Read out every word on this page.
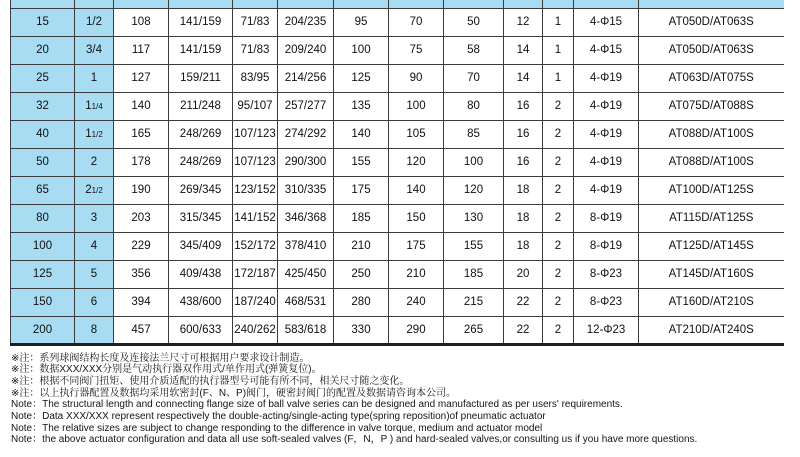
15	1/2	108	141/159	71/83	204/235	95	70	50	12	1	4-Φ15	AT050D/AT063S
20	3/4	117	141/159	71/83	209/240	100	75	58	14	1	4-Φ15	AT050D/AT063S
25	1	127	159/211	83/95	214/256	125	90	70	14	1	4-Φ19	AT063D/AT075S
32	11/4	140	211/248	95/107	257/277	135	100	80	16	2	4-Φ19	AT075D/AT088S
40	11/2	165	248/269	107/123	274/292	140	105	85	16	2	4-Φ19	AT088D/AT100S
50	2	178	248/269	107/123	290/300	155	120	100	16	2	4-Φ19	AT088D/AT100S
65	21/2	190	269/345	123/152	310/335	175	140	120	18	2	4-Φ19	AT100D/AT125S
80	3	203	315/345	141/152	346/368	185	150	130	18	2	8-Φ19	AT115D/AT125S
100	4	229	345/409	152/172	378/410	210	175	155	18	2	8-Φ19	AT125D/AT145S
125	5	356	409/438	172/187	425/450	250	210	185	20	2	8-Φ23	AT145D/AT160S
150	6	394	438/600	187/240	468/531	280	240	215	22	2	8-Φ23	AT160D/AT210S
200	8	457	600/633	240/262	583/618	330	290	265	22	2	12-Φ23	AT210D/AT240S
※注：系列球阀结构长度及连接法兰尺寸可根据用户要求设计制造。
※注：数据XXX/XXX分别是气动执行器双作用式/单作用式(弹簧复位)。
※注：根据不同阀门扭矩、使用介质适配的执行器型号可能有所不同，相关尺寸随之变化。
※注：以上执行器配置及数据均采用软密封(F、N、P)阀门，硬密封阀门的配置及数据请咨询本公司。
Note：The structural length and connecting flange size of ball valve series can be designed and manufactured as per users' requirements.
Note：Data XXX/XXX represent respectively the double-acting/single-acting type(spring reposition)of pneumatic actuator
Note：The relative sizes are subject to change responding to the difference in valve torque, medium and actuator model
Note：the above actuator configuration and data all use soft-sealed valves (F，N，P ) and hard-sealed valves,or consulting us if you have more questions.
